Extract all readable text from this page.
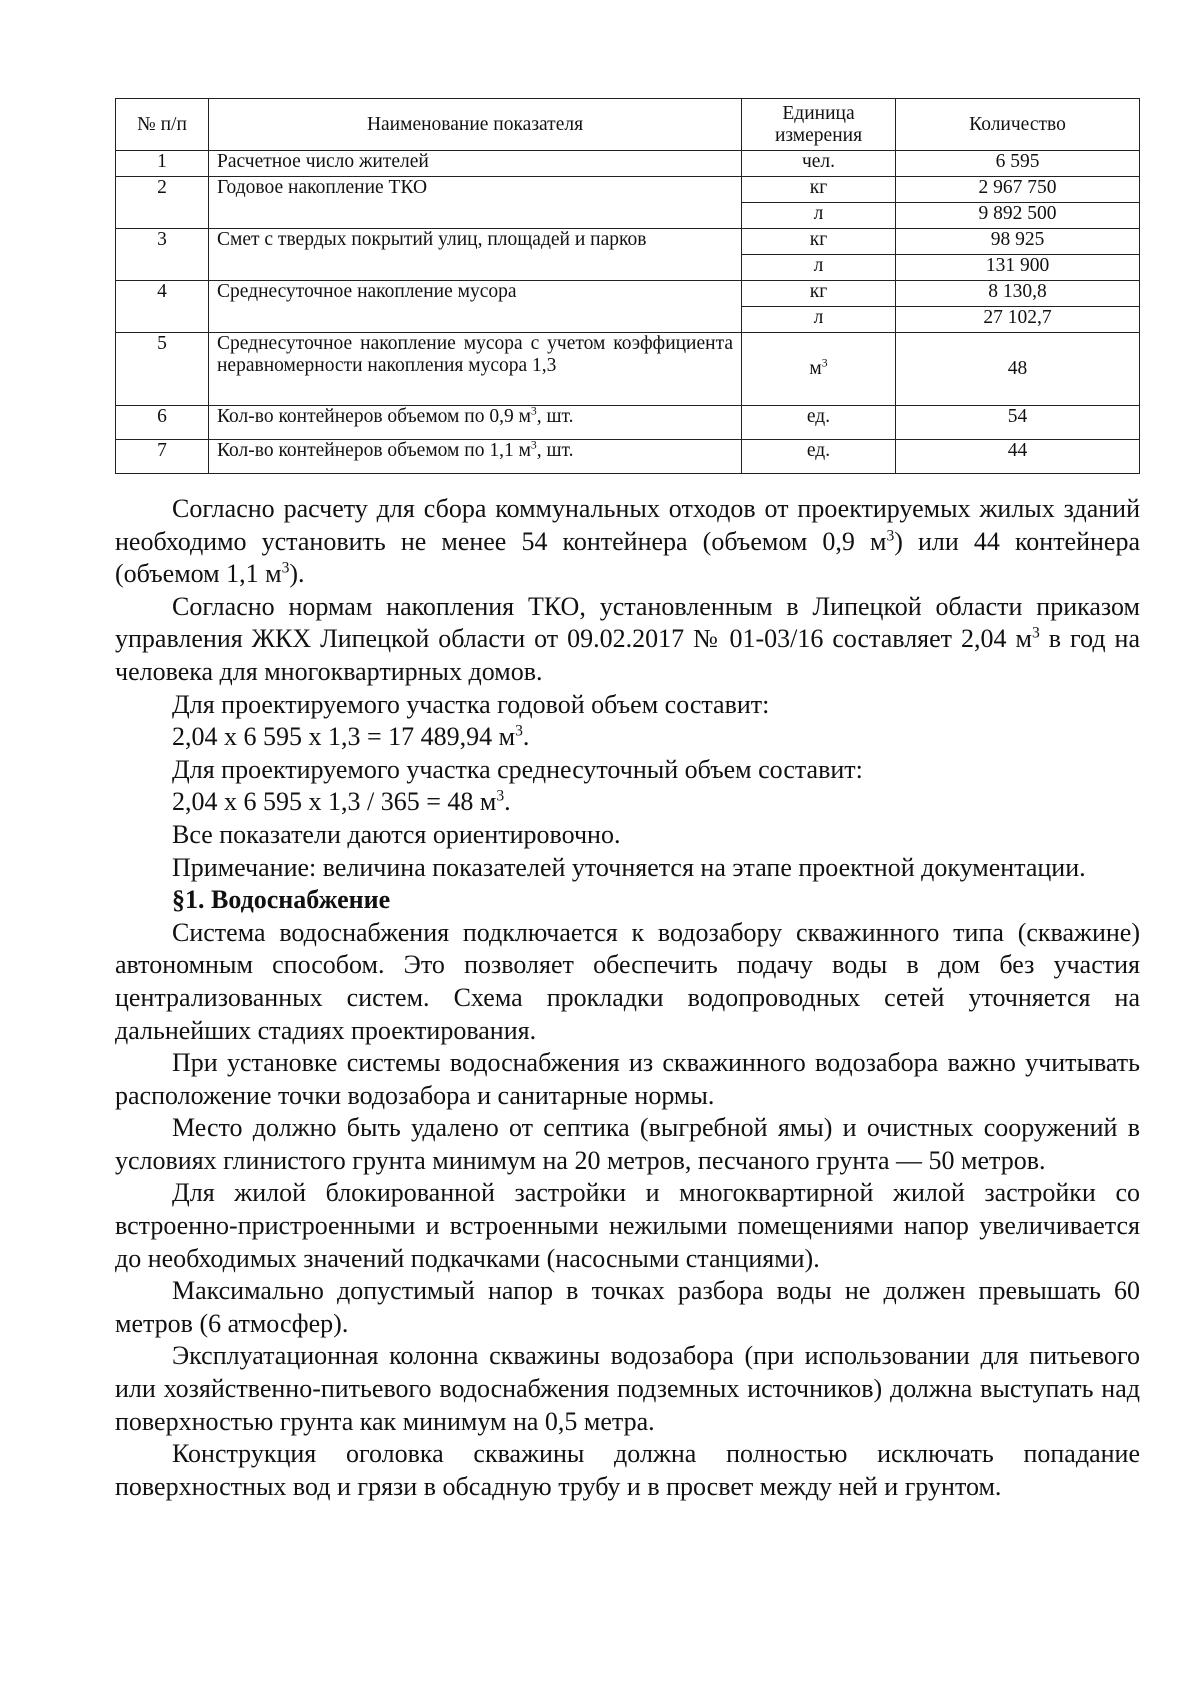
№ п/п	Наименование показателя	Единица измерения	Количество
1	Расчетное число жителей	чел.	6 595
2	Годовое накопление ТКО	кг	2 967 750
		л	9 892 500
3	Смет с твердых покрытий улиц, площадей и парков	кг	98 925
		л	131 900
4	Среднесуточное накопление мусора	кг	8 130,8
		л	27 102,7
5	Среднесуточное накопление мусора с учетом коэффициента неравномерности накопления мусора 1,3	$м^3$	48
6	Кол-во контейнеров объемом по 0,9 $м^3$, шт.	ед.	54
7	Кол-во контейнеров объемом по 1,1 $м^3$, шт.	ед.	44

Согласно расчету для сбора коммунальных отходов от проектируемых жилых зданий необходимо установить не менее 54 контейнера (объемом 0,9 $м^3$) или 44 контейнера (объемом 1,1 $м^3$).

Согласно нормам накопления ТКО, установленным в Липецкой области приказом управления ЖКХ Липецкой области от 09.02.2017 № 01-03/16 составляет 2,04 $м^3$ в год на человека для многоквартирных домов.

Для проектируемого участка годовой объем составит:

2,04 x 6 595 x 1,3 = 17 489,94 $м^3$.

Для проектируемого участка среднесуточный объем составит:

2,04 x 6 595 x 1,3 / 365 = 48 $м^3$.

Все показатели даются ориентировочно.

Примечание: величина показателей уточняется на этапе проектной документации.

§1. Водоснабжение

Система водоснабжения подключается к водозабору скважинного типа (скважине) автономным способом. Это позволяет обеспечить подачу воды в дом без участия централизованных систем. Схема прокладки водопроводных сетей уточняется на дальнейших стадиях проектирования.

При установке системы водоснабжения из скважинного водозабора важно учитывать расположение точки водозабора и санитарные нормы.

Место должно быть удалено от септика (выгребной ямы) и очистных сооружений в условиях глинистого грунта минимум на 20 метров, песчаного грунта — 50 метров.

Для жилой блокированной застройки и многоквартирной жилой застройки со встроенно-пристроенными и встроенными нежилыми помещениями напор увеличивается до необходимых значений подкачками (насосными станциями).

Максимально допустимый напор в точках разбора воды не должен превышать 60 метров (6 атмосфер).

Эксплуатационная колонна скважины водозабора (при использовании для питьевого или хозяйственно-питьевого водоснабжения подземных источников) должна выступать над поверхностью грунта как минимум на 0,5 метра.

Конструкция оголовка скважины должна полностью исключать попадание поверхностных вод и грязи в обсадную трубу и в просвет между ней и грунтом.
